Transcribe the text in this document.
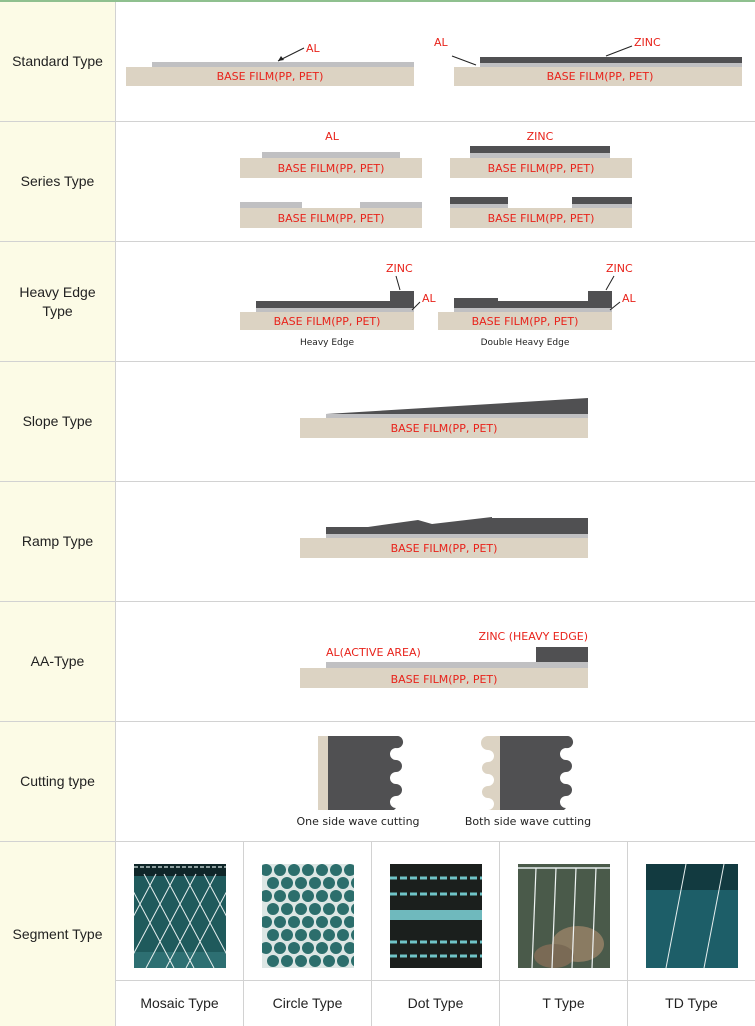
Standard Type
BASE FILM(PP, PET)
AL
BASE FILM(PP, PET)
AL	ZINC
Series Type
AL
BASE FILM(PP, PET)
ZINC
BASE FILM(PP, PET)
BASE FILM(PP, PET)	BASE FILM(PP, PET)
Heavy Edge Type
BASE FILM(PP, PET)
ZINC
AL
Heavy Edge
BASE FILM(PP, PET)
ZINC
AL
Double Heavy Edge
Slope Type	BASE FILM(PP, PET)
Ramp Type	BASE FILM(PP, PET)
AA-Type
BASE FILM(PP, PET)
AL(ACTIVE AREA)
ZINC (HEAVY EDGE)
Cutting type
One side wave cutting	Both side wave cutting
Segment Type
Mosaic Type	Circle Type	Dot Type	T Type	TD Type
